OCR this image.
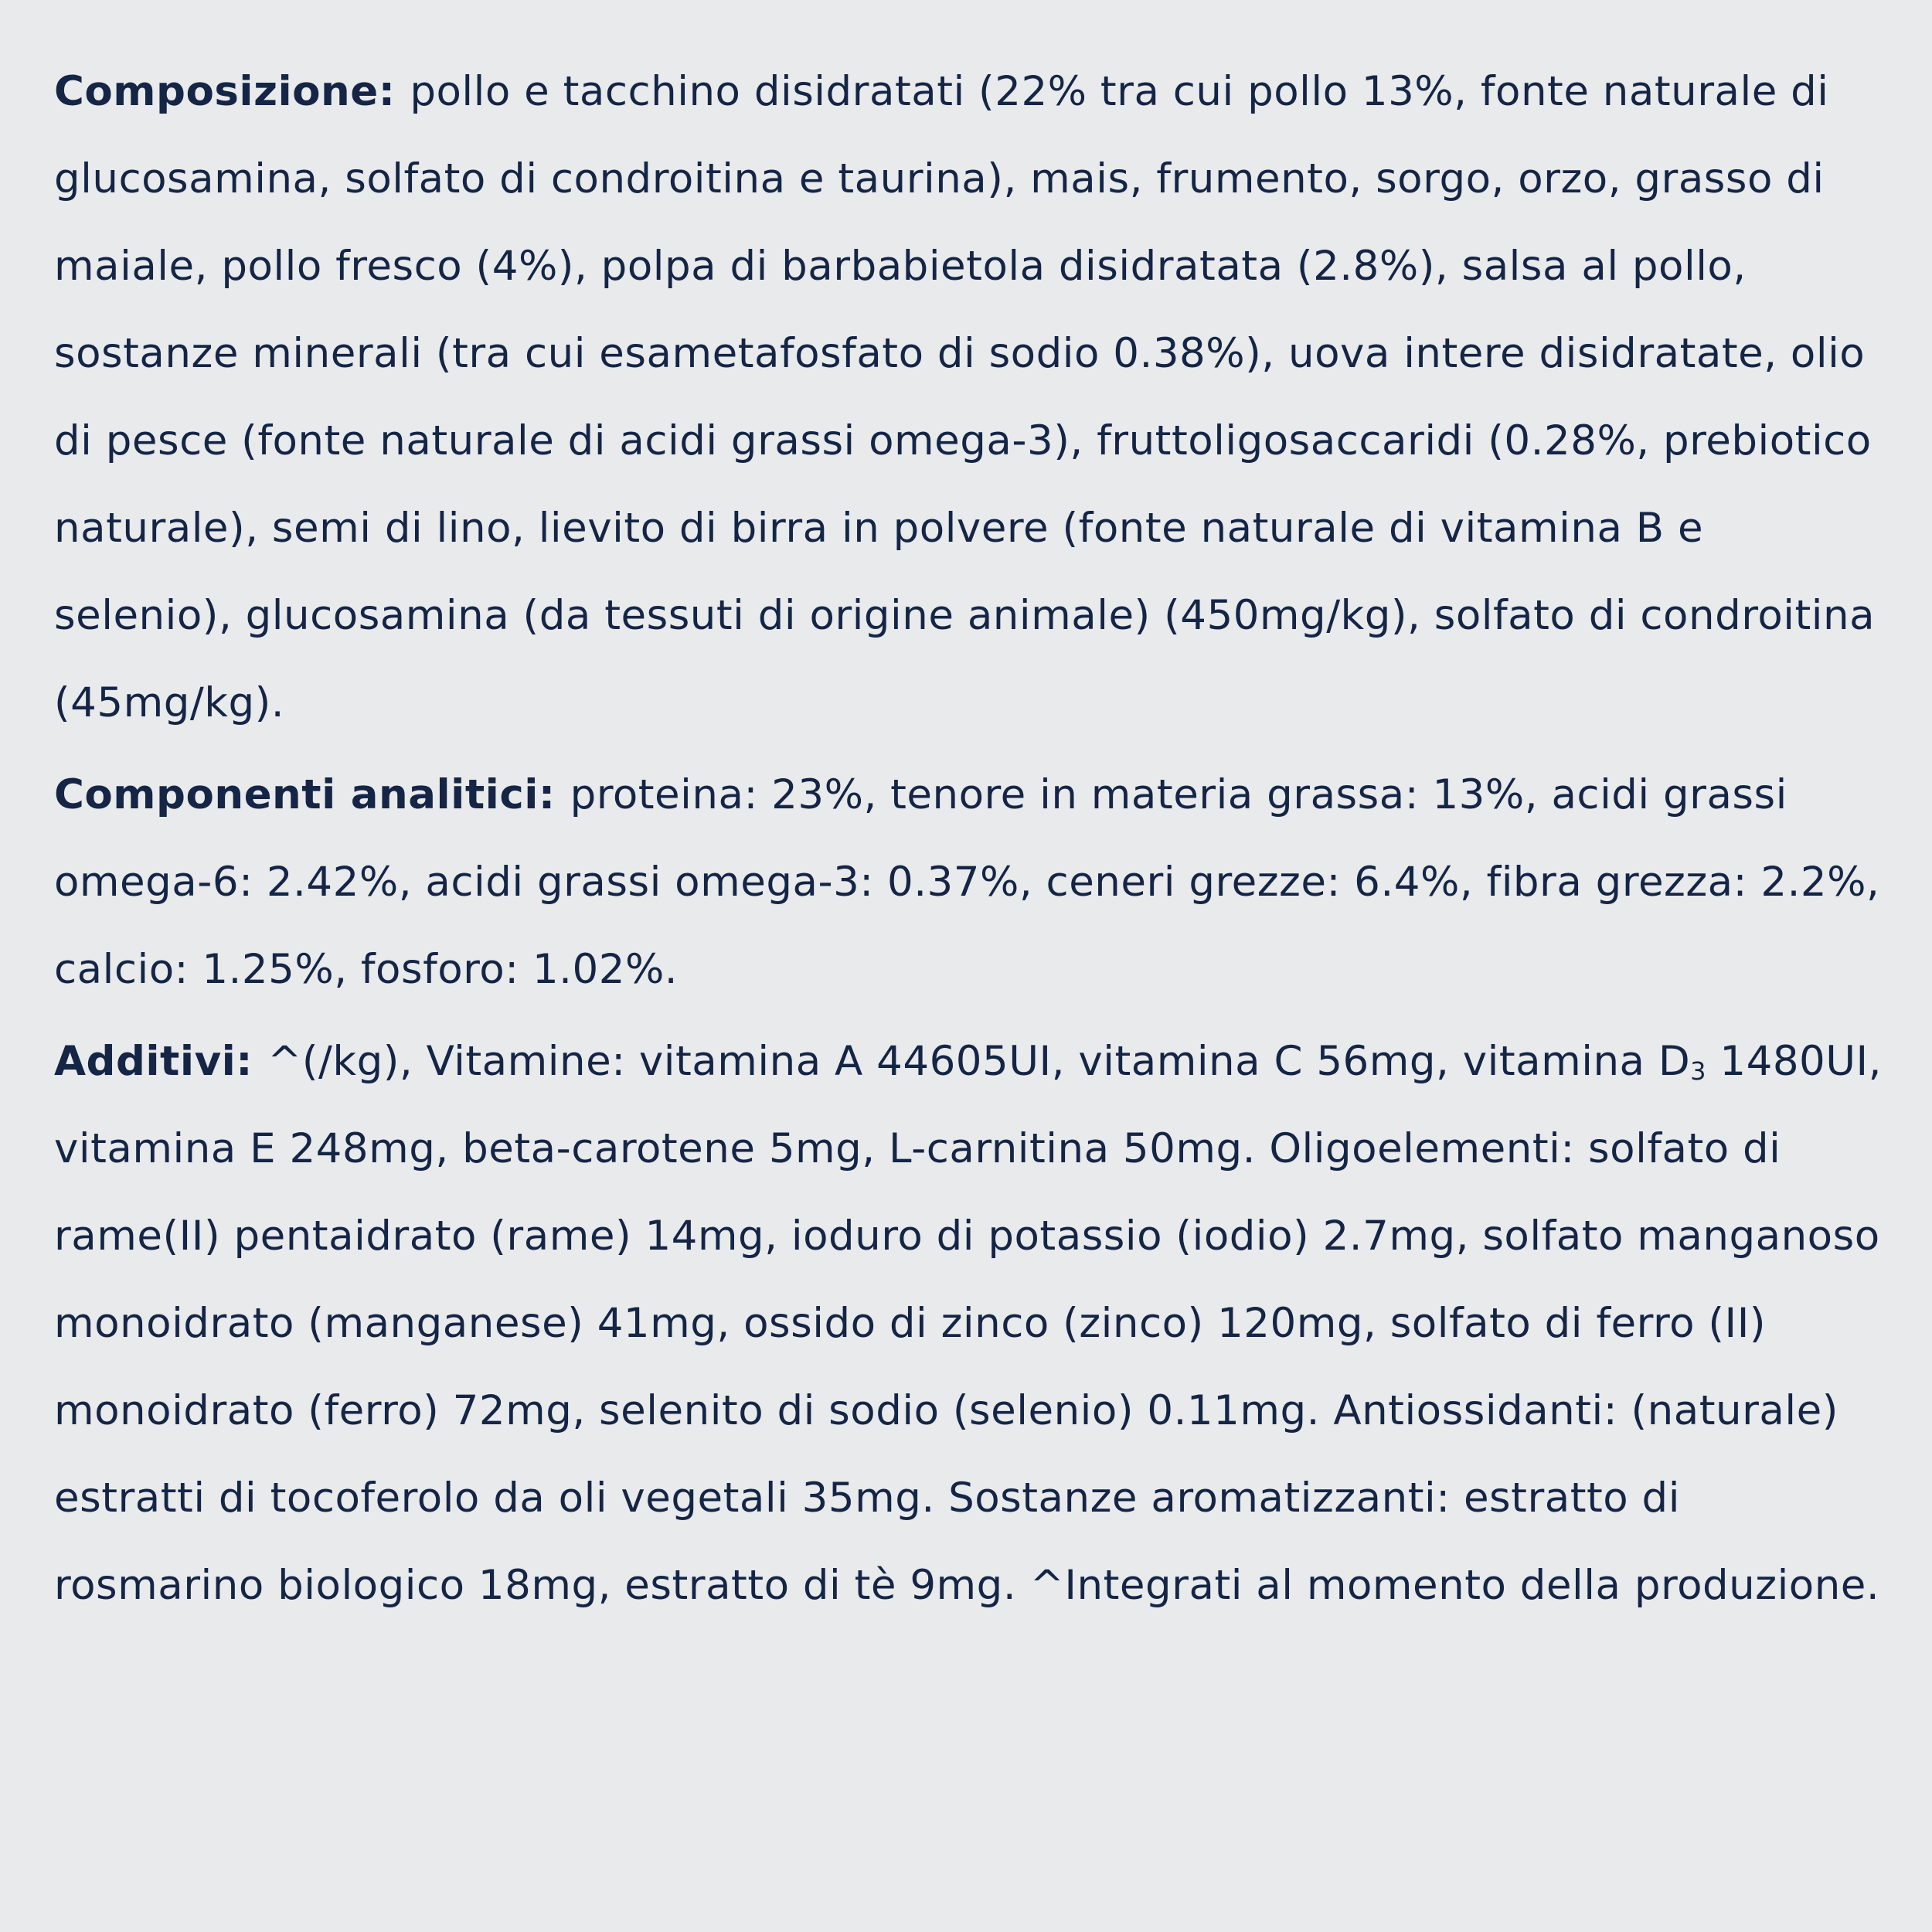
Composizione: pollo e tacchino disidratati (22% tra cui pollo 13%, fonte naturale di glucosamina, solfato di condroitina e taurina), mais, frumento, sorgo, orzo, grasso di maiale, pollo fresco (4%), polpa di barbabietola disidratata (2.8%), salsa al pollo, sostanze minerali (tra cui esametafosfato di sodio 0.38%), uova intere disidratate, olio di pesce (fonte naturale di acidi grassi omega-3), fruttoligosaccaridi (0.28%, prebiotico naturale), semi di lino, lievito di birra in polvere (fonte naturale di vitamina B e selenio), glucosamina (da tessuti di origine animale) (450mg/kg), solfato di condroitina (45mg/kg).

Componenti analitici: proteina: 23%, tenore in materia grassa: 13%, acidi grassi omega-6: 2.42%, acidi grassi omega-3: 0.37%, ceneri grezze: 6.4%, fibra grezza: 2.2%, calcio: 1.25%, fosforo: 1.02%.

Additivi: ^(/kg), Vitamine: vitamina A 44605UI, vitamina C 56mg, vitamina D3 1480UI, vitamina E 248mg, beta-carotene 5mg, L-carnitina 50mg. Oligoelementi: solfato di rame(II) pentaidrato (rame) 14mg, ioduro di potassio (iodio) 2.7mg, solfato manganoso monoidrato (manganese) 41mg, ossido di zinco (zinco) 120mg, solfato di ferro (II) monoidrato (ferro) 72mg, selenito di sodio (selenio) 0.11mg. Antiossidanti: (naturale) estratti di tocoferolo da oli vegetali 35mg. Sostanze aromatizzanti: estratto di rosmarino biologico 18mg, estratto di tè 9mg. ^Integrati al momento della produzione.
